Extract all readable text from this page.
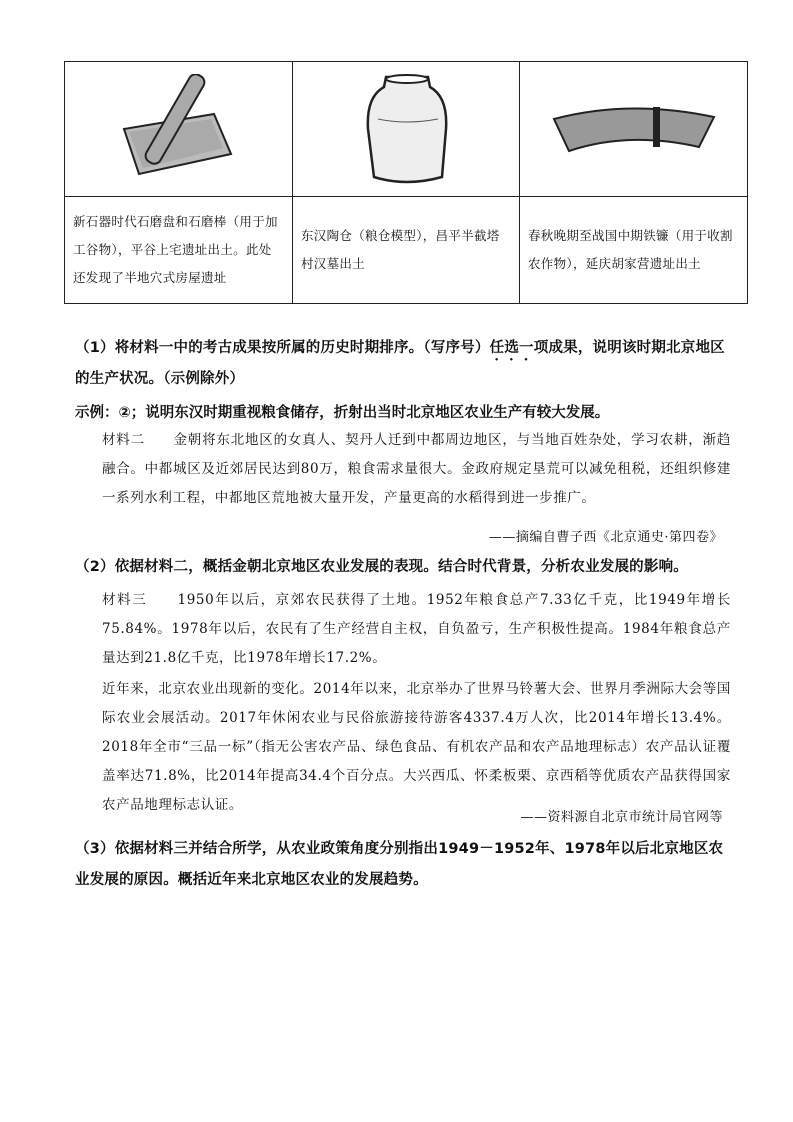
新石器时代石磨盘和石磨棒（用于加工谷物），平谷上宅遗址出土。此处还发现了半地穴式房屋遗址	东汉陶仓（粮仓模型），昌平半截塔村汉墓出土	春秋晚期至战国中期铁镰（用于收割农作物），延庆胡家营遗址出土
（1）将材料一中的考古成果按所属的历史时期排序。（写序号）任选一项成果，说明该时期北京地区的生产状况。（示例除外）
示例：②；说明东汉时期重视粮食储存，折射出当时北京地区农业生产有较大发展。
材料二　　金朝将东北地区的女真人、契丹人迁到中都周边地区，与当地百姓杂处，学习农耕，渐趋融合。中都城区及近郊居民达到80万，粮食需求量很大。金政府规定垦荒可以减免租税，还组织修建一系列水利工程，中都地区荒地被大量开发，产量更高的水稻得到进一步推广。
——摘编自曹子西《北京通史·第四卷》
（2）依据材料二，概括金朝北京地区农业发展的表现。结合时代背景，分析农业发展的影响。
材料三　　1950年以后，京郊农民获得了土地。1952年粮食总产7.33亿千克，比1949年增长75.84%。1978年以后，农民有了生产经营自主权，自负盈亏，生产积极性提高。1984年粮食总产量达到21.8亿千克，比1978年增长17.2%。
近年来，北京农业出现新的变化。2014年以来，北京举办了世界马铃薯大会、世界月季洲际大会等国际农业会展活动。2017年休闲农业与民俗旅游接待游客4337.4万人次，比2014年增长13.4%。2018年全市“三品一标”（指无公害农产品、绿色食品、有机农产品和农产品地理标志）农产品认证覆盖率达71.8%，比2014年提高34.4个百分点。大兴西瓜、怀柔板栗、京西稻等优质农产品获得国家农产品地理标志认证。
——资料源自北京市统计局官网等
（3）依据材料三并结合所学，从农业政策角度分别指出1949－1952年、1978年以后北京地区农业发展的原因。概括近年来北京地区农业的发展趋势。
